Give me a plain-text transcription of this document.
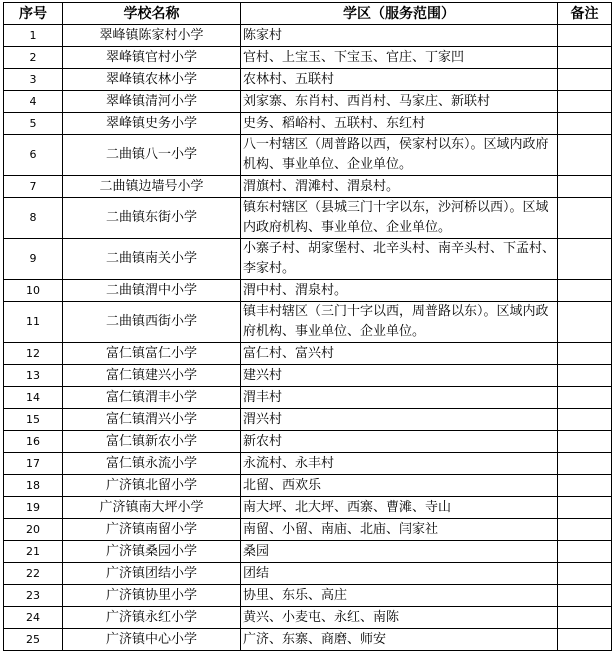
序号	学校名称	学区（服务范围）	备注
1	翠峰镇陈家村小学	陈家村	
2	翠峰镇官村小学	官村、上宝玉、下宝玉、官庄、丁家凹	
3	翠峰镇农林小学	农林村、五联村	
4	翠峰镇清河小学	刘家寨、东肖村、西肖村、马家庄、新联村	
5	翠峰镇史务小学	史务、稻峪村、五联村、东红村	
6	二曲镇八一小学	八一村辖区（周普路以西，侯家村以东）。区域内政府机构、事业单位、企业单位。	
7	二曲镇边墙号小学	渭旗村、渭滩村、渭泉村。	
8	二曲镇东街小学	镇东村辖区（县城三门十字以东，沙河桥以西）。区域内政府机构、事业单位、企业单位。	
9	二曲镇南关小学	小寨子村、胡家堡村、北辛头村、南辛头村、下孟村、李家村。	
10	二曲镇渭中小学	渭中村、渭泉村。	
11	二曲镇西街小学	镇丰村辖区（三门十字以西，周普路以东）。区域内政府机构、事业单位、企业单位。	
12	富仁镇富仁小学	富仁村、富兴村	
13	富仁镇建兴小学	建兴村	
14	富仁镇渭丰小学	渭丰村	
15	富仁镇渭兴小学	渭兴村	
16	富仁镇新农小学	新农村	
17	富仁镇永流小学	永流村、永丰村	
18	广济镇北留小学	北留、西欢乐	
19	广济镇南大坪小学	南大坪、北大坪、西寨、曹滩、寺山	
20	广济镇南留小学	南留、小留、南庙、北庙、闫家社	
21	广济镇桑园小学	桑园	
22	广济镇团结小学	团结	
23	广济镇协里小学	协里、东乐、高庄	
24	广济镇永红小学	黄兴、小麦屯、永红、南陈	
25	广济镇中心小学	广济、东寨、商磨、师安	
